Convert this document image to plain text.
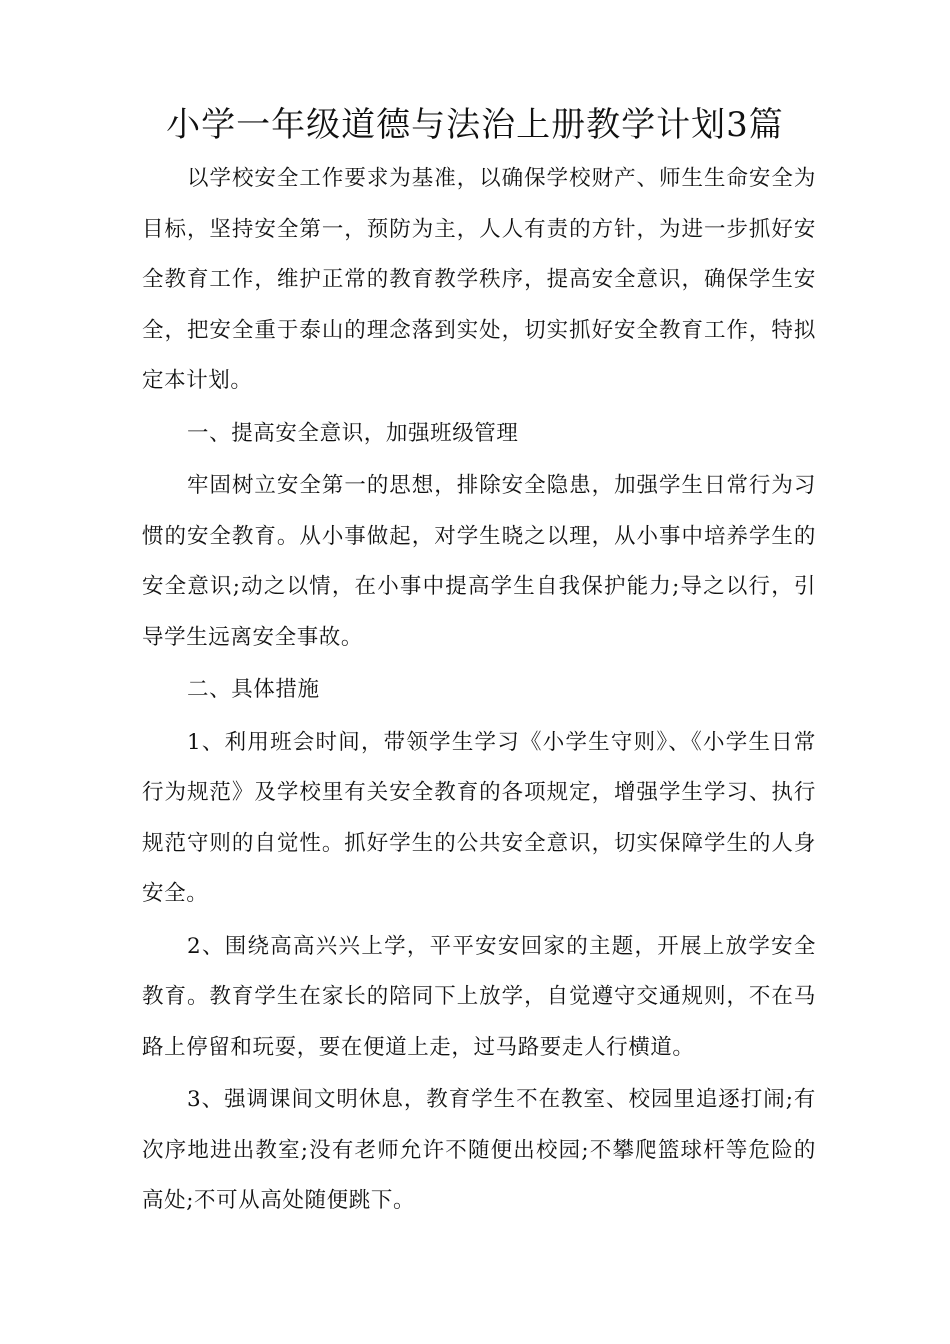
小学一年级道德与法治上册教学计划3篇

以学校安全工作要求为基准，以确保学校财产、师生生命安全为目标，坚持安全第一，预防为主，人人有责的方针，为进一步抓好安全教育工作，维护正常的教育教学秩序，提高安全意识，确保学生安全，把安全重于泰山的理念落到实处，切实抓好安全教育工作，特拟定本计划。

一、提高安全意识，加强班级管理

牢固树立安全第一的思想，排除安全隐患，加强学生日常行为习惯的安全教育。从小事做起，对学生晓之以理，从小事中培养学生的安全意识;动之以情，在小事中提高学生自我保护能力;导之以行，引导学生远离安全事故。

二、具体措施

1、利用班会时间，带领学生学习《小学生守则》、《小学生日常行为规范》及学校里有关安全教育的各项规定，增强学生学习、执行规范守则的自觉性。抓好学生的公共安全意识，切实保障学生的人身安全。

2、围绕高高兴兴上学，平平安安回家的主题，开展上放学安全教育。教育学生在家长的陪同下上放学，自觉遵守交通规则，不在马路上停留和玩耍，要在便道上走，过马路要走人行横道。

3、强调课间文明休息，教育学生不在教室、校园里追逐打闹;有次序地进出教室;没有老师允许不随便出校园;不攀爬篮球杆等危险的高处;不可从高处随便跳下。
